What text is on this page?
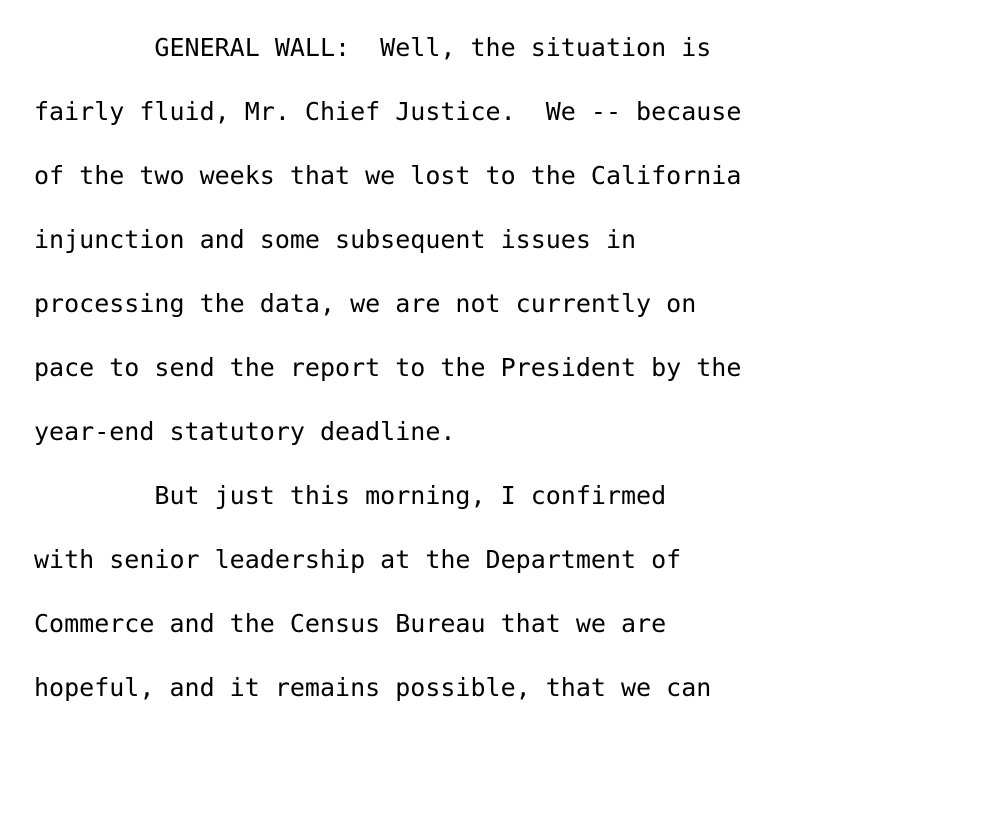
GENERAL WALL:  Well, the situation is
fairly fluid, Mr. Chief Justice.  We -- because
of the two weeks that we lost to the California
injunction and some subsequent issues in
processing the data, we are not currently on
pace to send the report to the President by the
year-end statutory deadline.
But just this morning, I confirmed
with senior leadership at the Department of
Commerce and the Census Bureau that we are
hopeful, and it remains possible, that we can
